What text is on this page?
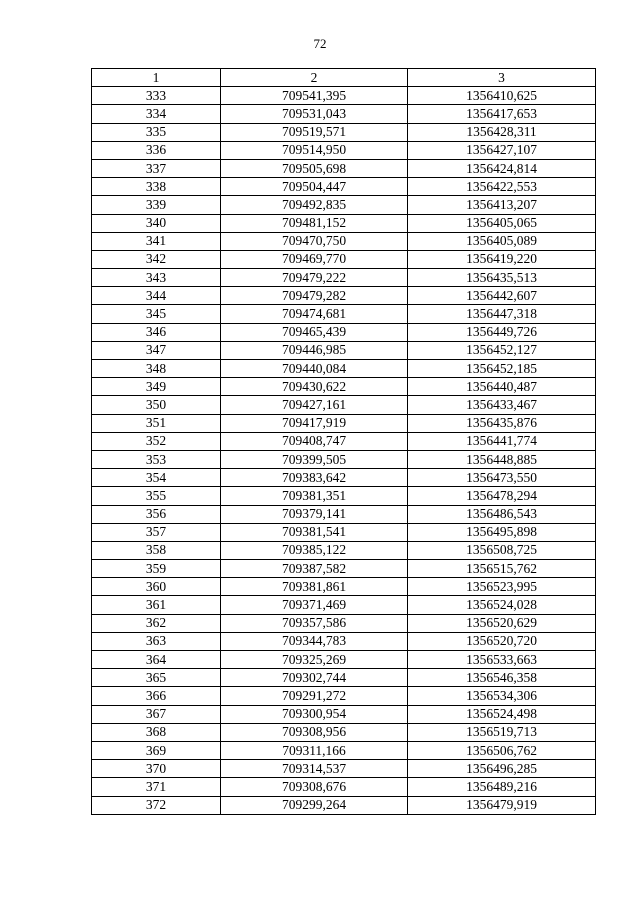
72
1	2	3
333	709541,395	1356410,625
334	709531,043	1356417,653
335	709519,571	1356428,311
336	709514,950	1356427,107
337	709505,698	1356424,814
338	709504,447	1356422,553
339	709492,835	1356413,207
340	709481,152	1356405,065
341	709470,750	1356405,089
342	709469,770	1356419,220
343	709479,222	1356435,513
344	709479,282	1356442,607
345	709474,681	1356447,318
346	709465,439	1356449,726
347	709446,985	1356452,127
348	709440,084	1356452,185
349	709430,622	1356440,487
350	709427,161	1356433,467
351	709417,919	1356435,876
352	709408,747	1356441,774
353	709399,505	1356448,885
354	709383,642	1356473,550
355	709381,351	1356478,294
356	709379,141	1356486,543
357	709381,541	1356495,898
358	709385,122	1356508,725
359	709387,582	1356515,762
360	709381,861	1356523,995
361	709371,469	1356524,028
362	709357,586	1356520,629
363	709344,783	1356520,720
364	709325,269	1356533,663
365	709302,744	1356546,358
366	709291,272	1356534,306
367	709300,954	1356524,498
368	709308,956	1356519,713
369	709311,166	1356506,762
370	709314,537	1356496,285
371	709308,676	1356489,216
372	709299,264	1356479,919
